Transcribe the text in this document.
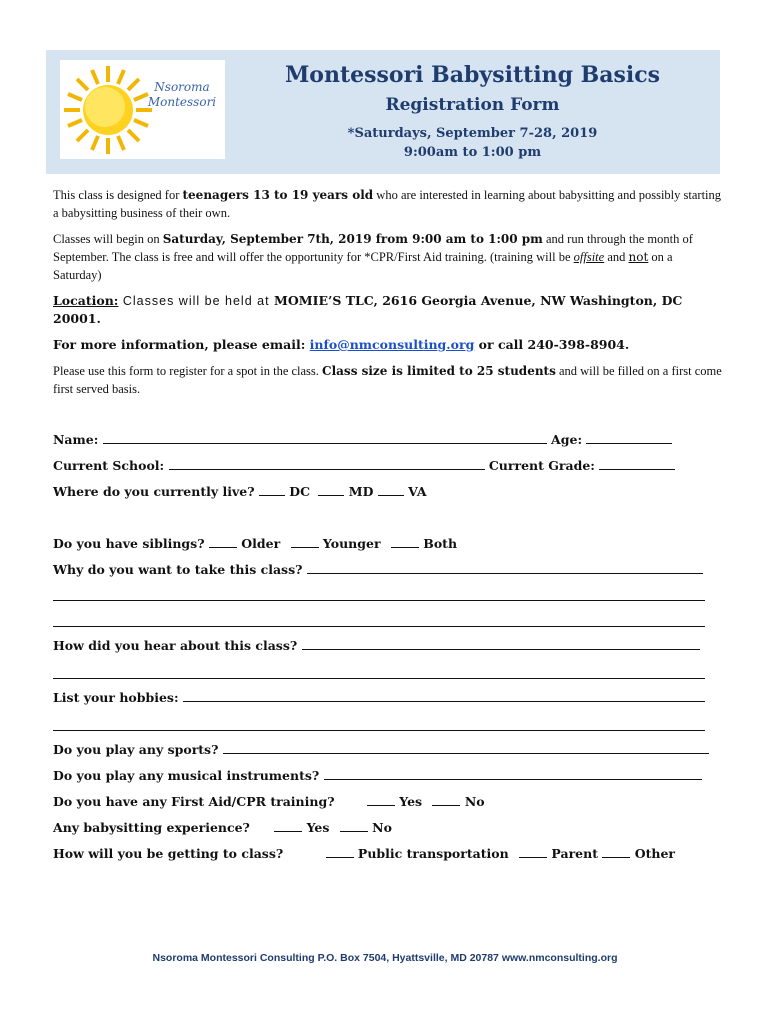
Nsoroma
Montessori
Montessori Babysitting Basics
Registration Form
*Saturdays, September 7-28, 2019
9:00am to 1:00 pm
This class is designed for teenagers 13 to 19 years old who are interested in learning about babysitting and possibly starting a babysitting business of their own.
Classes will begin on Saturday, September 7th, 2019 from 9:00 am to 1:00 pm and run through the month of September. The class is free and will offer the opportunity for *CPR/First Aid training. (training will be offsite and not on a Saturday)
Location: Classes will be held at MOMIE’S TLC, 2616 Georgia Avenue, NW Washington, DC 20001.
For more information, please email: info@nmconsulting.org or call 240-398-8904.
Please use this form to register for a spot in the class. Class size is limited to 25 students and will be filled on a first come first served basis.
Name:	Age:
Current School:	Current Grade:
Where do you currently live?	DC	MD	VA
Do you have siblings?	Older	Younger	Both
Why do you want to take this class?
How did you hear about this class?
List your hobbies:
Do you play any sports?
Do you play any musical instruments?
Do you have any First Aid/CPR training?	Yes	No
Any babysitting experience?	Yes	No
How will you be getting to class?	Public transportation	Parent	Other
Nsoroma Montessori Consulting P.O. Box 7504, Hyattsville, MD 20787 www.nmconsulting.org
